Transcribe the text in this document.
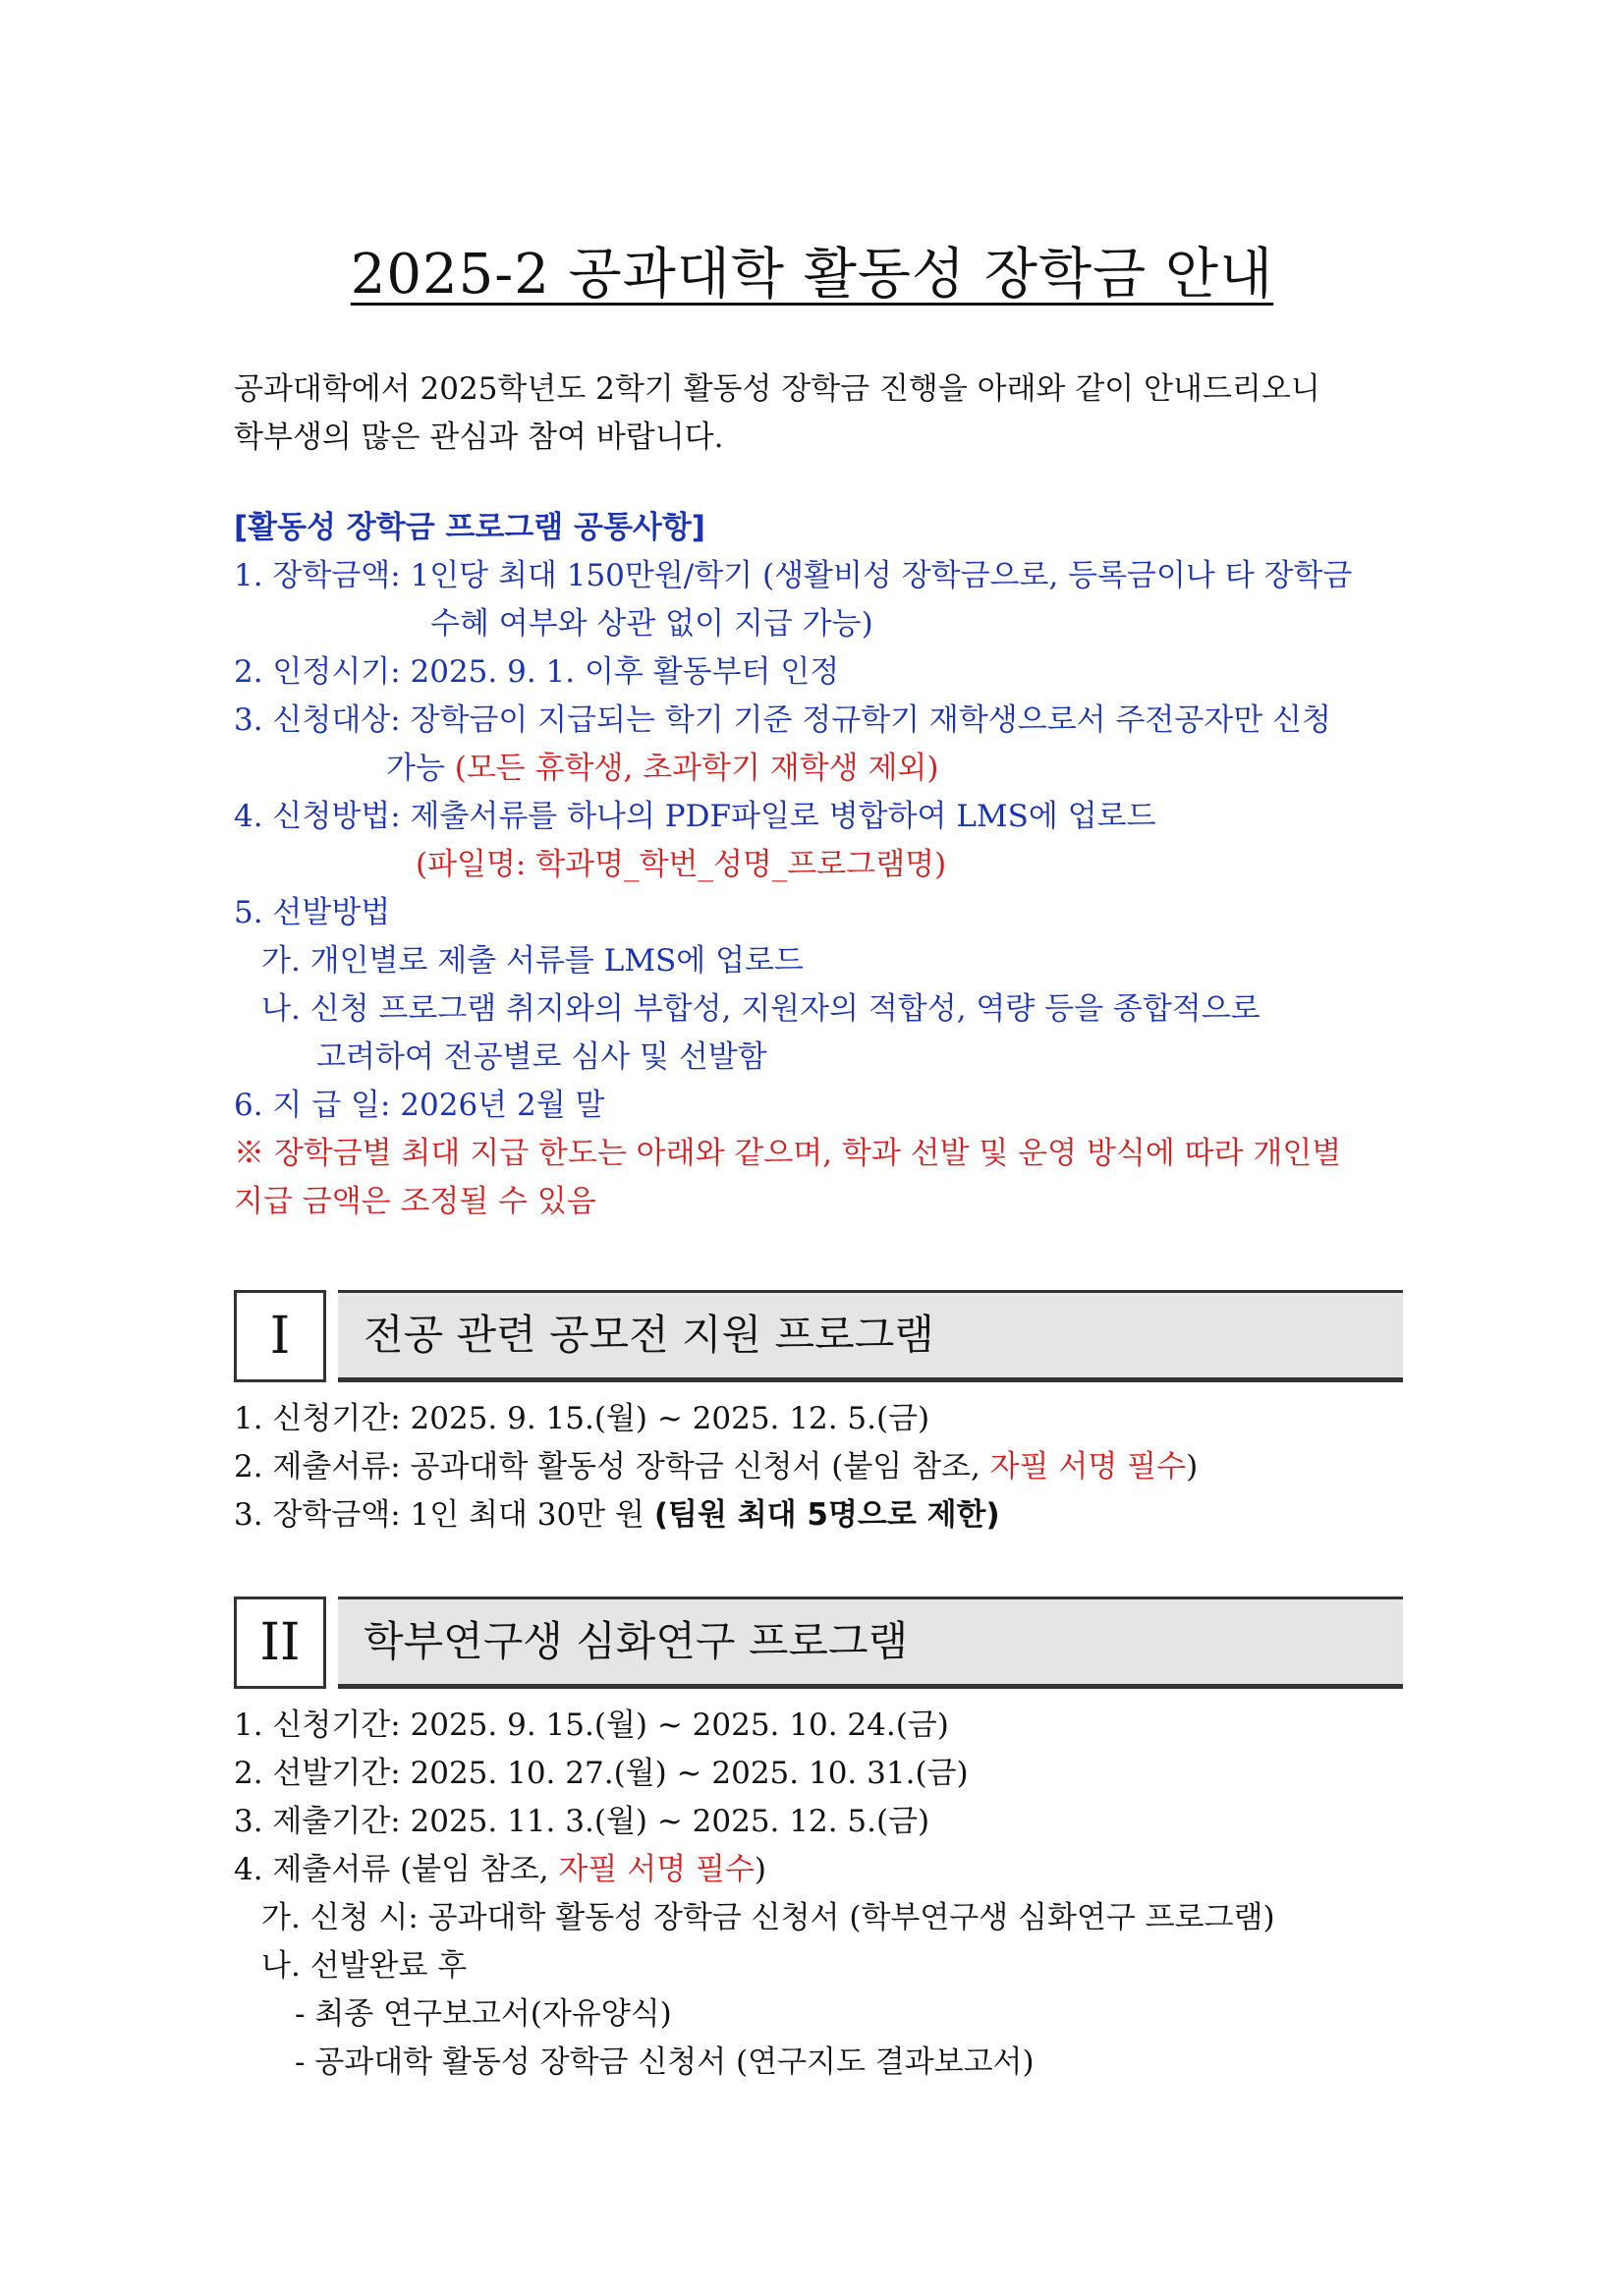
2025-2 공과대학 활동성 장학금 안내
공과대학에서 2025학년도 2학기 활동성 장학금 진행을 아래와 같이 안내드리오니
학부생의 많은 관심과 참여 바랍니다.
[활동성 장학금 프로그램 공통사항]
1. 장학금액: 1인당 최대 150만원/학기 (생활비성 장학금으로, 등록금이나 타 장학금
수혜 여부와 상관 없이 지급 가능)
2. 인정시기: 2025. 9. 1. 이후 활동부터 인정
3. 신청대상: 장학금이 지급되는 학기 기준 정규학기 재학생으로서 주전공자만 신청
가능 (모든 휴학생, 초과학기 재학생 제외)
4. 신청방법: 제출서류를 하나의 PDF파일로 병합하여 LMS에 업로드
(파일명: 학과명_학번_성명_프로그램명)
5. 선발방법
가. 개인별로 제출 서류를 LMS에 업로드
나. 신청 프로그램 취지와의 부합성, 지원자의 적합성, 역량 등을 종합적으로
고려하여 전공별로 심사 및 선발함
6. 지 급 일: 2026년 2월 말
※ 장학금별 최대 지급 한도는 아래와 같으며, 학과 선발 및 운영 방식에 따라 개인별
지급 금액은 조정될 수 있음
I	전공 관련 공모전 지원 프로그램
1. 신청기간: 2025. 9. 15.(월) ~ 2025. 12. 5.(금)
2. 제출서류: 공과대학 활동성 장학금 신청서 (붙임 참조, 자필 서명 필수)
3. 장학금액: 1인 최대 30만 원 (팀원 최대 5명으로 제한)
II	학부연구생 심화연구 프로그램
1. 신청기간: 2025. 9. 15.(월) ~ 2025. 10. 24.(금)
2. 선발기간: 2025. 10. 27.(월) ~ 2025. 10. 31.(금)
3. 제출기간: 2025. 11. 3.(월) ~ 2025. 12. 5.(금)
4. 제출서류 (붙임 참조, 자필 서명 필수)
가. 신청 시: 공과대학 활동성 장학금 신청서 (학부연구생 심화연구 프로그램)
나. 선발완료 후
- 최종 연구보고서(자유양식)
- 공과대학 활동성 장학금 신청서 (연구지도 결과보고서)
